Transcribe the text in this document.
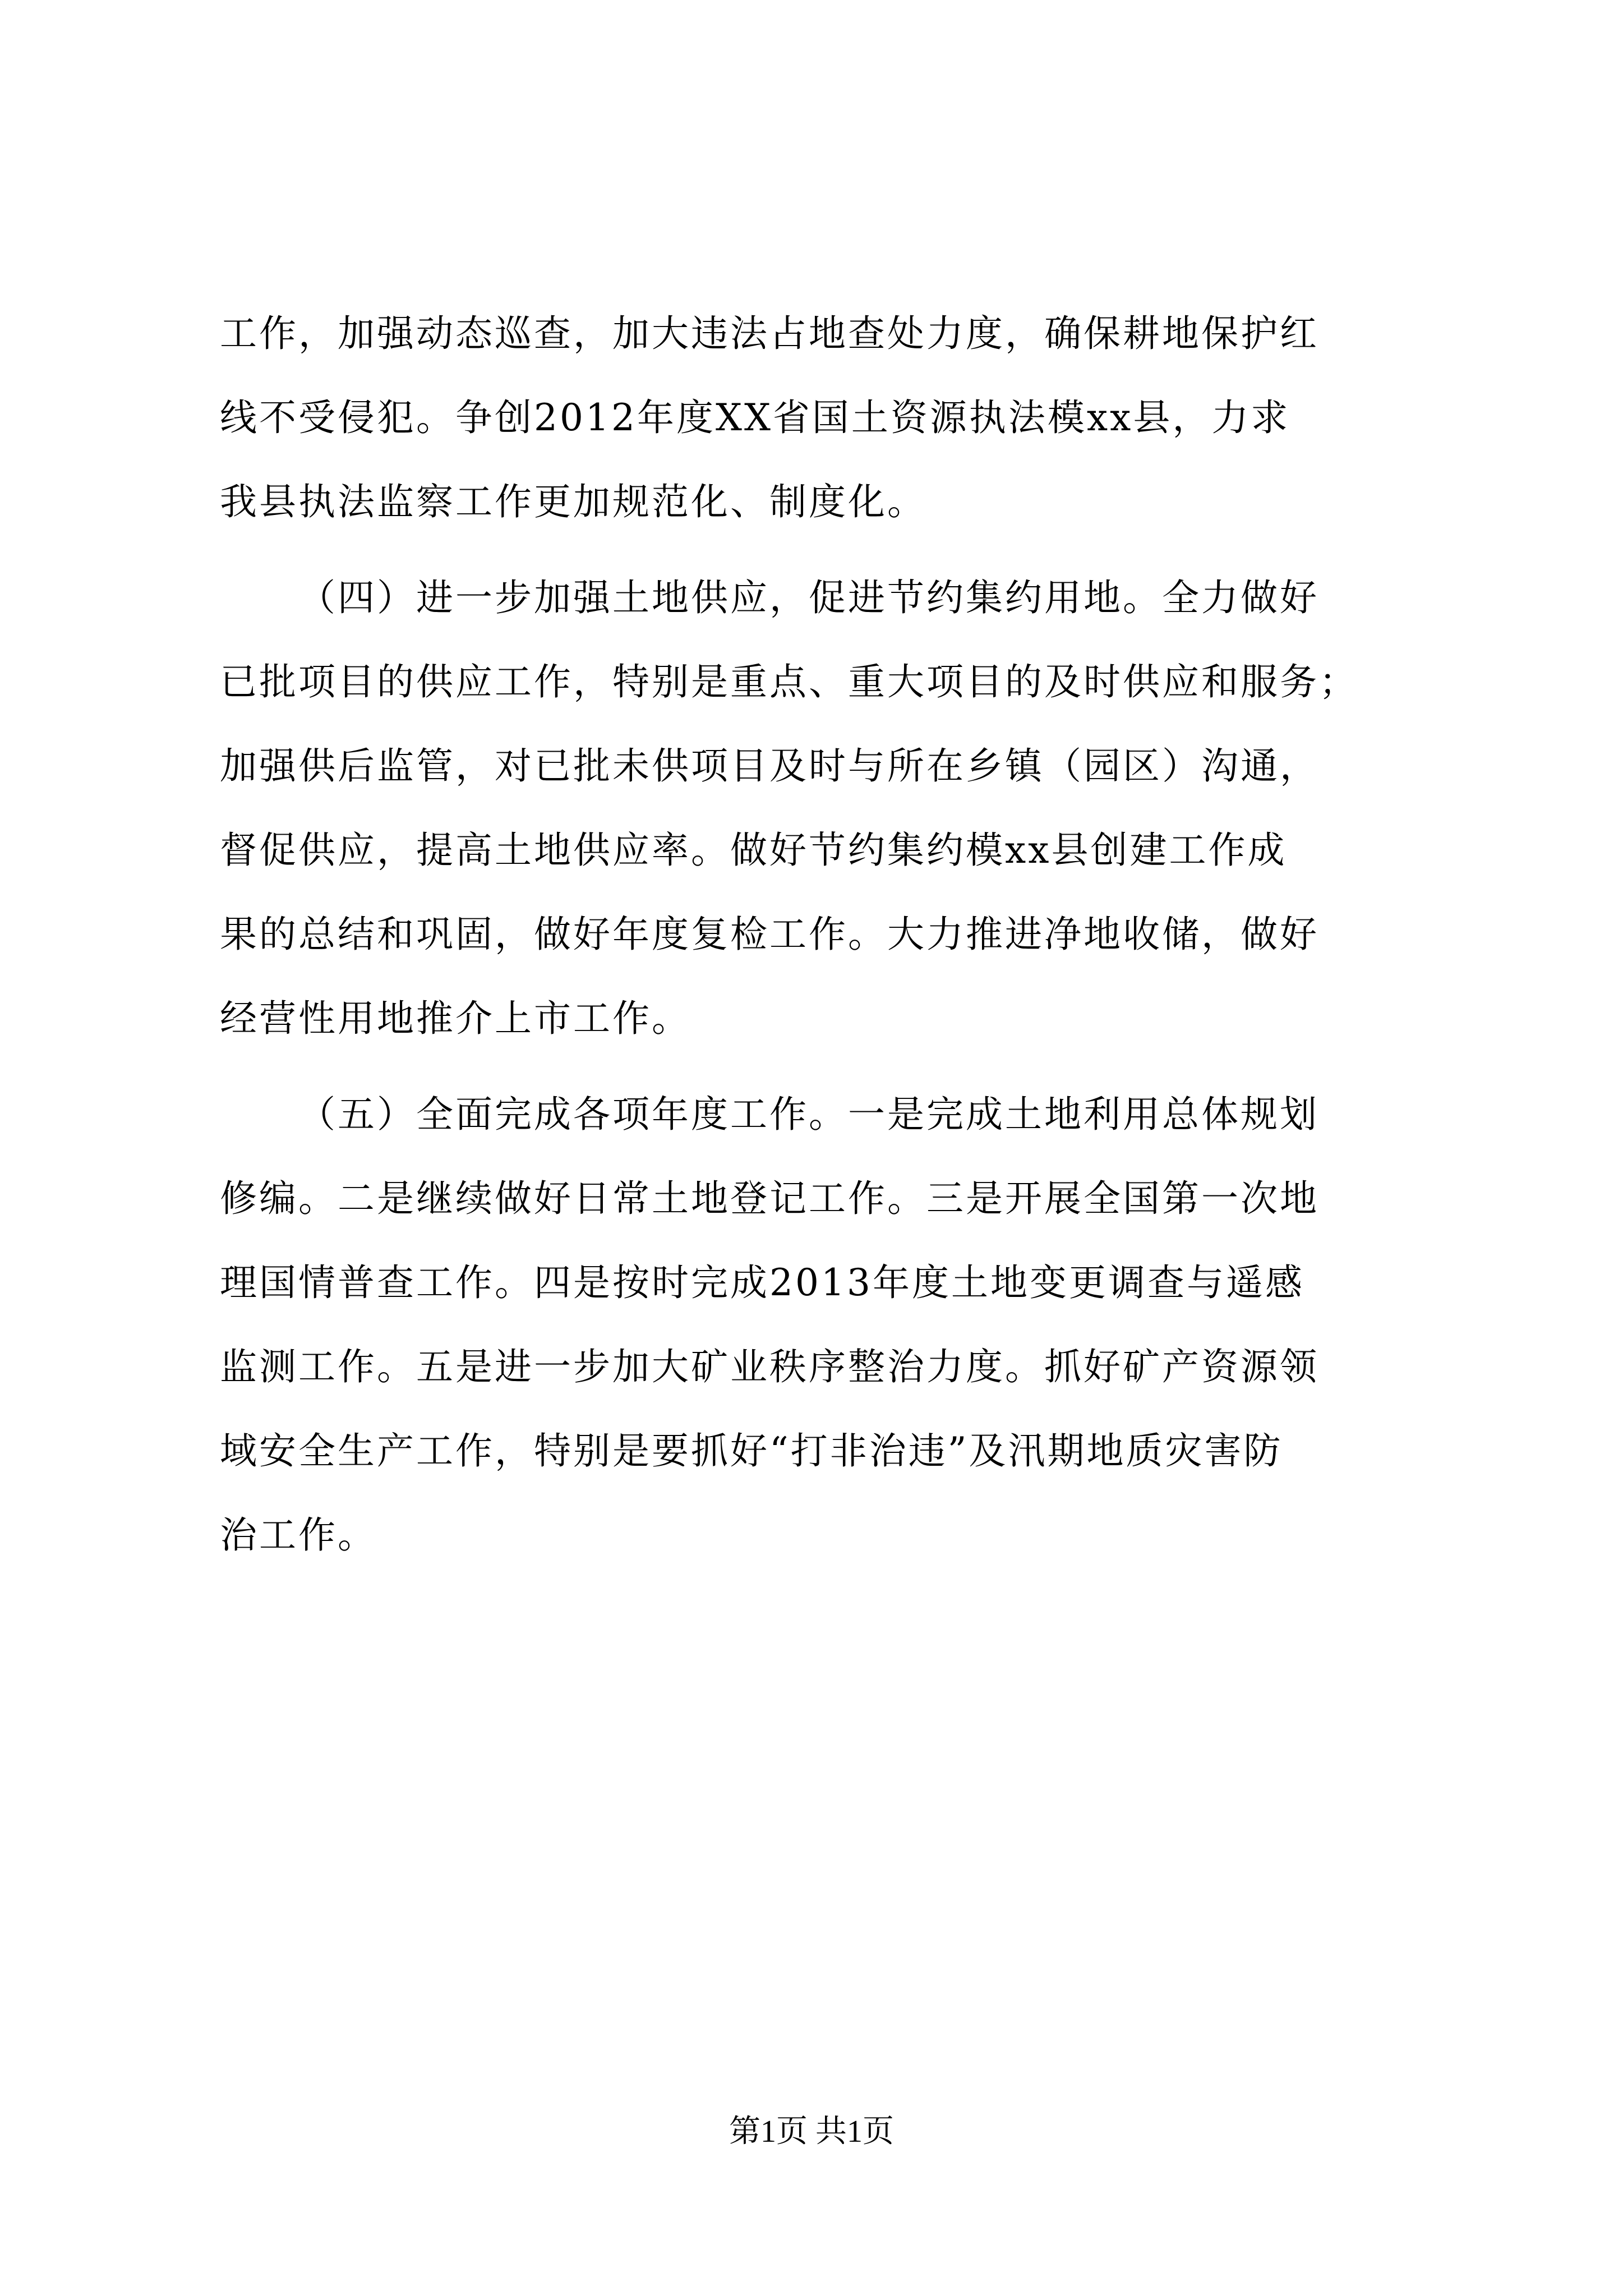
工作，加强动态巡查，加大违法占地查处力度，确保耕地保护红
线不受侵犯。争创2012年度XX省国土资源执法模xx县，力求
我县执法监察工作更加规范化、制度化。
（四）进一步加强土地供应，促进节约集约用地。全力做好
已批项目的供应工作，特别是重点、重大项目的及时供应和服务；
加强供后监管，对已批未供项目及时与所在乡镇（园区）沟通，
督促供应，提高土地供应率。做好节约集约模xx县创建工作成
果的总结和巩固，做好年度复检工作。大力推进净地收储，做好
经营性用地推介上市工作。
（五）全面完成各项年度工作。一是完成土地利用总体规划
修编。二是继续做好日常土地登记工作。三是开展全国第一次地
理国情普查工作。四是按时完成2013年度土地变更调查与遥感
监测工作。五是进一步加大矿业秩序整治力度。抓好矿产资源领
域安全生产工作，特别是要抓好“打非治违”及汛期地质灾害防
治工作。
第1页 共1页
